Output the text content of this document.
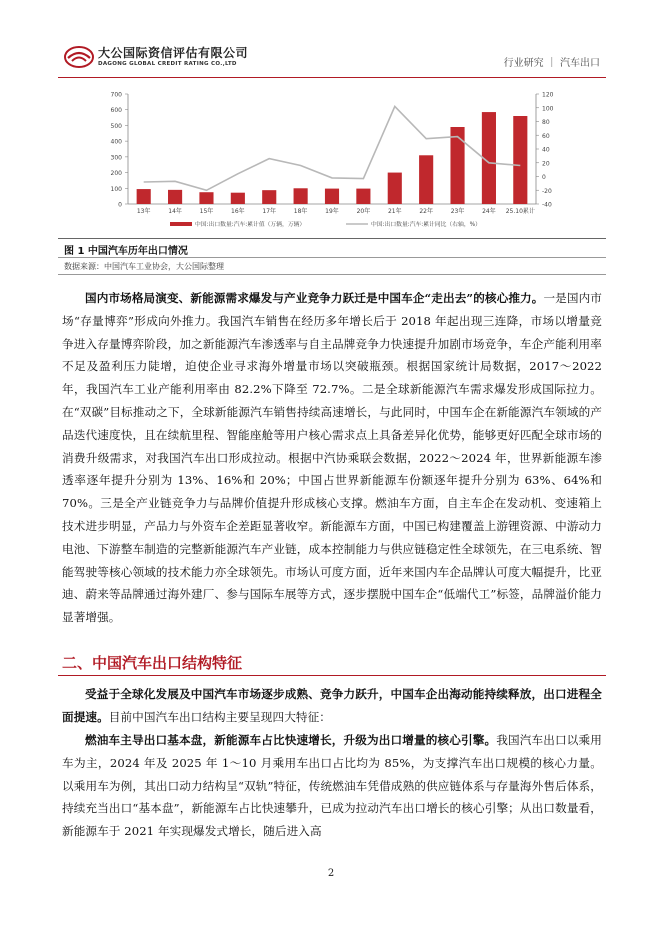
大公国际资信评估有限公司
DAGONG GLOBAL CREDIT RATING CO.,LTD	行业研究 ｜ 汽车出口
0
100
200
300
400
500
600
700
-40
-20
0
20
40
60
80
100
120
13年	14年	15年	16年	17年	18年	19年	20年	21年	22年	23年	24年 25.10累计
中国:出口数量:汽车:累计值（万辆，万辆）	中国:出口数量:汽车:累计同比（右轴，%）
图 1 中国汽车历年出口情况
数据来源：中国汽车工业协会，大公国际整理
国内市场格局演变、新能源需求爆发与产业竞争力跃迁是中国车企“走出去”的核心推力。一是国内市场“存量博弈”形成向外推力。我国汽车销售在经历多年增长后于 2018 年起出现三连降，市场以增量竞争进入存量博弈阶段，加之新能源汽车渗透率与自主品牌竞争力快速提升加剧市场竞争，车企产能利用率不足及盈利压力陡增，迫使企业寻求海外增量市场以突破瓶颈。根据国家统计局数据，2017～2022 年，我国汽车工业产能利用率由 82.2%下降至 72.7%。二是全球新能源汽车需求爆发形成国际拉力。在“双碳”目标推动之下，全球新能源汽车销售持续高速增长，与此同时，中国车企在新能源汽车领域的产品迭代速度快，且在续航里程、智能座舱等用户核心需求点上具备差异化优势，能够更好匹配全球市场的消费升级需求，对我国汽车出口形成拉动。根据中汽协乘联会数据，2022～2024 年，世界新能源车渗透率逐年提升分别为 13%、16%和 20%；中国占世界新能源车份额逐年提升分别为 63%、64%和 70%。三是全产业链竞争力与品牌价值提升形成核心支撑。燃油车方面，自主车企在发动机、变速箱上技术进步明显，产品力与外资车企差距显著收窄。新能源车方面，中国已构建覆盖上游锂资源、中游动力电池、下游整车制造的完整新能源汽车产业链，成本控制能力与供应链稳定性全球领先，在三电系统、智能驾驶等核心领域的技术能力亦全球领先。市场认可度方面，近年来国内车企品牌认可度大幅提升，比亚迪、蔚来等品牌通过海外建厂、参与国际车展等方式，逐步摆脱中国车企“低端代工”标签，品牌溢价能力显著增强。
二、中国汽车出口结构特征
受益于全球化发展及中国汽车市场逐步成熟、竞争力跃升，中国车企出海动能持续释放，出口进程全面提速。目前中国汽车出口结构主要呈现四大特征：
燃油车主导出口基本盘，新能源车占比快速增长，升级为出口增量的核心引擎。我国汽车出口以乘用车为主，2024 年及 2025 年 1～10 月乘用车出口占比均为 85%，为支撑汽车出口规模的核心力量。以乘用车为例，其出口动力结构呈“双轨”特征，传统燃油车凭借成熟的供应链体系与存量海外售后体系，持续充当出口“基本盘”，新能源车占比快速攀升，已成为拉动汽车出口增长的核心引擎；从出口数量看，新能源车于 2021 年实现爆发式增长，随后进入高
2
